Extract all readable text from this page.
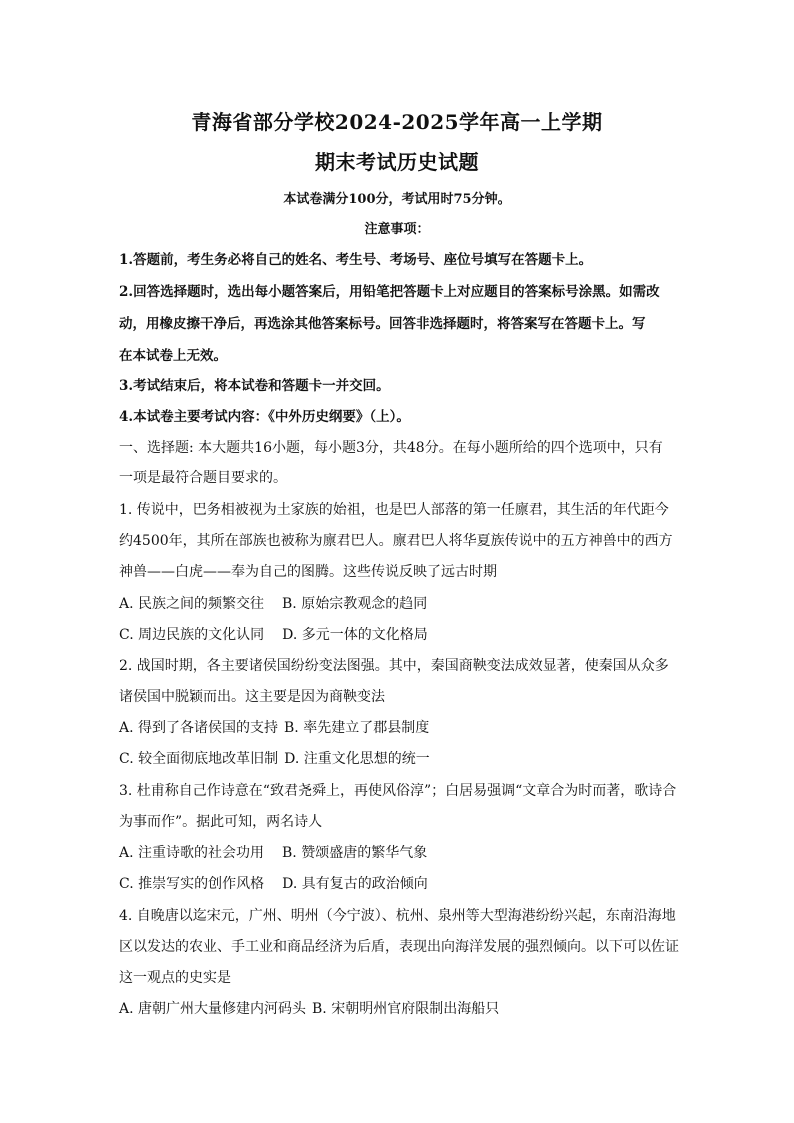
青海省部分学校2024-2025学年高一上学期
期末考试历史试题
本试卷满分100分，考试用时75分钟。
注意事项：
1.答题前，考生务必将自己的姓名、考生号、考场号、座位号填写在答题卡上。
2.回答选择题时，选出每小题答案后，用铅笔把答题卡上对应题目的答案标号涂黑。如需改
动，用橡皮擦干净后，再选涂其他答案标号。回答非选择题时，将答案写在答题卡上。写
在本试卷上无效。
3.考试结束后，将本试卷和答题卡一并交回。
4.本试卷主要考试内容：《中外历史纲要》（上）。
一、选择题: 本大题共16小题，每小题3分，共48分。在每小题所给的四个选项中，只有
一项是最符合题目要求的。
1. 传说中，巴务相被视为土家族的始祖，也是巴人部落的第一任廪君，其生活的年代距今
约4500年，其所在部族也被称为廪君巴人。廪君巴人将华夏族传说中的五方神兽中的西方
神兽——白虎——奉为自己的图腾。这些传说反映了远古时期
A. 民族之间的频繁交往 B. 原始宗教观念的趋同
C. 周边民族的文化认同 D. 多元一体的文化格局
2. 战国时期，各主要诸侯国纷纷变法图强。其中，秦国商鞅变法成效显著，使秦国从众多
诸侯国中脱颖而出。这主要是因为商鞅变法
A. 得到了各诸侯国的支持 B. 率先建立了郡县制度
C. 较全面彻底地改革旧制 D. 注重文化思想的统一
3. 杜甫称自己作诗意在“致君尧舜上，再使风俗淳”；白居易强调“文章合为时而著，歌诗合
为事而作”。据此可知，两名诗人
A. 注重诗歌的社会功用 B. 赞颂盛唐的繁华气象
C. 推崇写实的创作风格 D. 具有复古的政治倾向
4. 自晚唐以迄宋元，广州、明州（今宁波）、杭州、泉州等大型海港纷纷兴起，东南沿海地
区以发达的农业、手工业和商品经济为后盾，表现出向海洋发展的强烈倾向。以下可以佐证
这一观点的史实是
A. 唐朝广州大量修建内河码头 B. 宋朝明州官府限制出海船只
